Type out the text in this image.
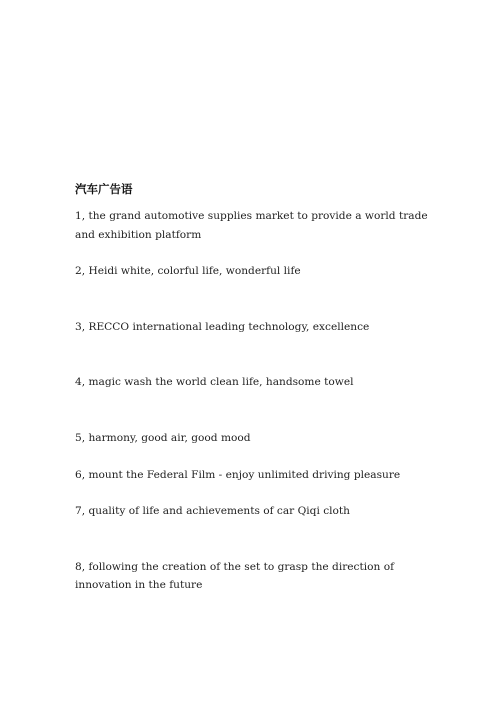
汽车广告语

1, the grand automotive supplies market to provide a world trade and exhibition platform

2, Heidi white, colorful life, wonderful life

3, RECCO international leading technology, excellence

4, magic wash the world clean life, handsome towel

5, harmony, good air, good mood

6, mount the Federal Film - enjoy unlimited driving pleasure

7, quality of life and achievements of car Qiqi cloth

8, following the creation of the set to grasp the direction of innovation in the future
